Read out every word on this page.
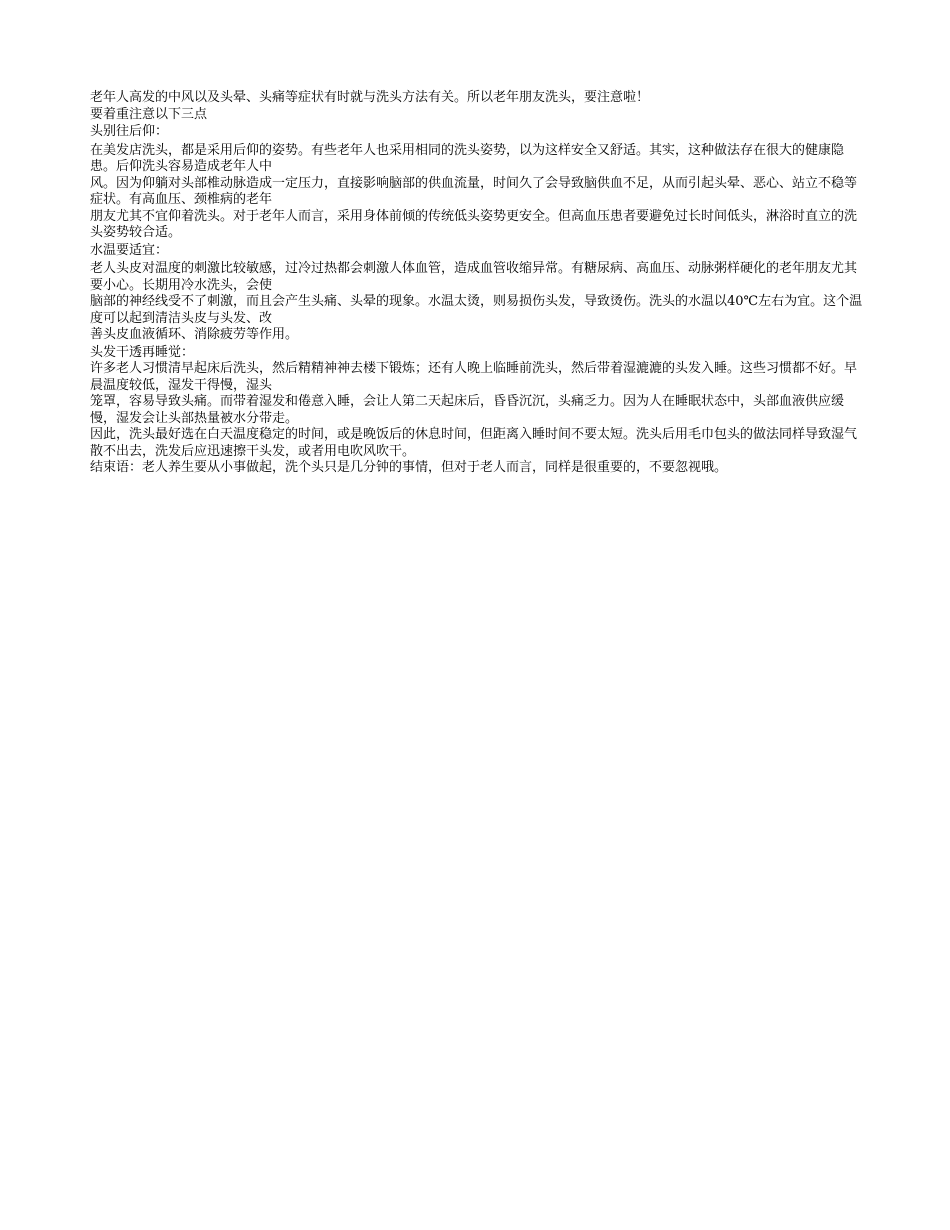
老年人高发的中风以及头晕、头痛等症状有时就与洗头方法有关。所以老年朋友洗头，要注意啦！

要着重注意以下三点

头别往后仰：

在美发店洗头，都是采用后仰的姿势。有些老年人也采用相同的洗头姿势，以为这样安全又舒适。其实，这种做法存在很大的健康隐患。后仰洗头容易造成老年人中

风。因为仰躺对头部椎动脉造成一定压力，直接影响脑部的供血流量，时间久了会导致脑供血不足，从而引起头晕、恶心、站立不稳等症状。有高血压、颈椎病的老年

朋友尤其不宜仰着洗头。对于老年人而言，采用身体前倾的传统低头姿势更安全。但高血压患者要避免过长时间低头，淋浴时直立的洗头姿势较合适。

水温要适宜：

老人头皮对温度的刺激比较敏感，过冷过热都会刺激人体血管，造成血管收缩异常。有糖尿病、高血压、动脉粥样硬化的老年朋友尤其要小心。长期用冷水洗头，会使

脑部的神经线受不了刺激，而且会产生头痛、头晕的现象。水温太烫，则易损伤头发，导致烫伤。洗头的水温以40℃左右为宜。这个温度可以起到清洁头皮与头发、改

善头皮血液循环、消除疲劳等作用。

头发干透再睡觉：

许多老人习惯清早起床后洗头，然后精精神神去楼下锻炼；还有人晚上临睡前洗头，然后带着湿漉漉的头发入睡。这些习惯都不好。早晨温度较低，湿发干得慢，湿头

笼罩，容易导致头痛。而带着湿发和倦意入睡，会让人第二天起床后，昏昏沉沉，头痛乏力。因为人在睡眠状态中，头部血液供应缓慢，湿发会让头部热量被水分带走。

因此，洗头最好选在白天温度稳定的时间，或是晚饭后的休息时间，但距离入睡时间不要太短。洗头后用毛巾包头的做法同样导致湿气散不出去，洗发后应迅速擦干头发，或者用电吹风吹干。

结束语：老人养生要从小事做起，洗个头只是几分钟的事情，但对于老人而言，同样是很重要的，不要忽视哦。
